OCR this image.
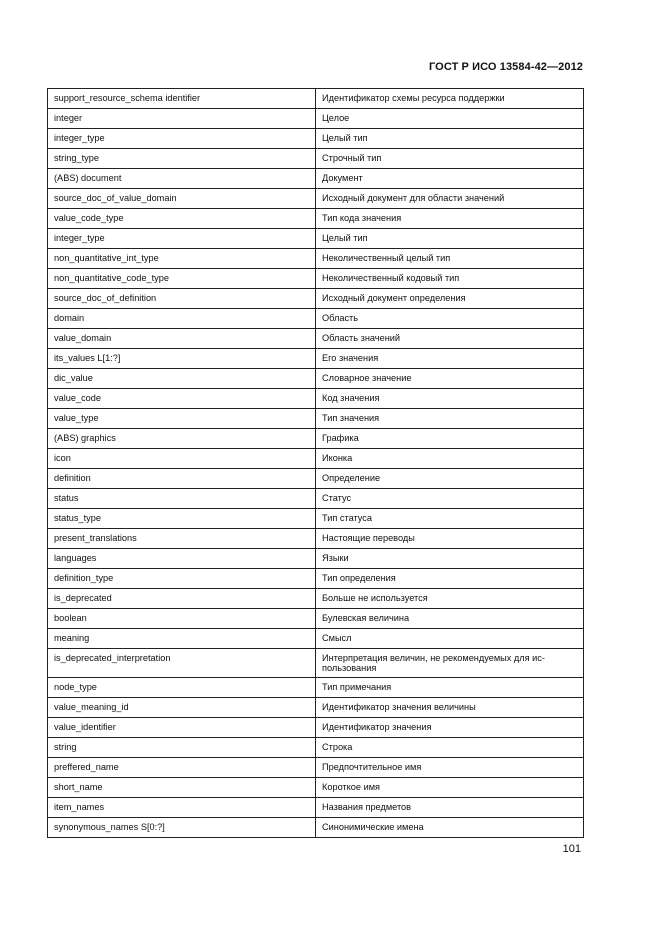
ГОСТ Р ИСО 13584-42—2012
support_resource_schema identifier	Идентификатор схемы ресурса поддержки
integer	Целое
integer_type	Целый тип
string_type	Строчный тип
(ABS) document	Документ
source_doc_of_value_domain	Исходный документ для области значений
value_code_type	Тип кода значения
integer_type	Целый тип
non_quantitative_int_type	Неколичественный целый тип
non_quantitative_code_type	Неколичественный кодовый тип
source_doc_of_definition	Исходный документ определения
domain	Область
value_domain	Область значений
its_values L[1:?]	Его значения
dic_value	Словарное значение
value_code	Код значения
value_type	Тип значения
(ABS) graphics	Графика
icon	Иконка
definition	Определение
status	Статус
status_type	Тип статуса
present_translations	Настоящие переводы
languages	Языки
definition_type	Тип определения
is_deprecated	Больше не используется
boolean	Булевская величина
meaning	Смысл
is_deprecated_interpretation	Интерпретация величин, не рекомендуемых для ис-пользования
node_type	Тип примечания
value_meaning_id	Идентификатор значения величины
value_identifier	Идентификатор значения
string	Строка
preffered_name	Предпочтительное имя
short_name	Короткое имя
item_names	Названия предметов
synonymous_names S[0:?]	Синонимические имена
101
